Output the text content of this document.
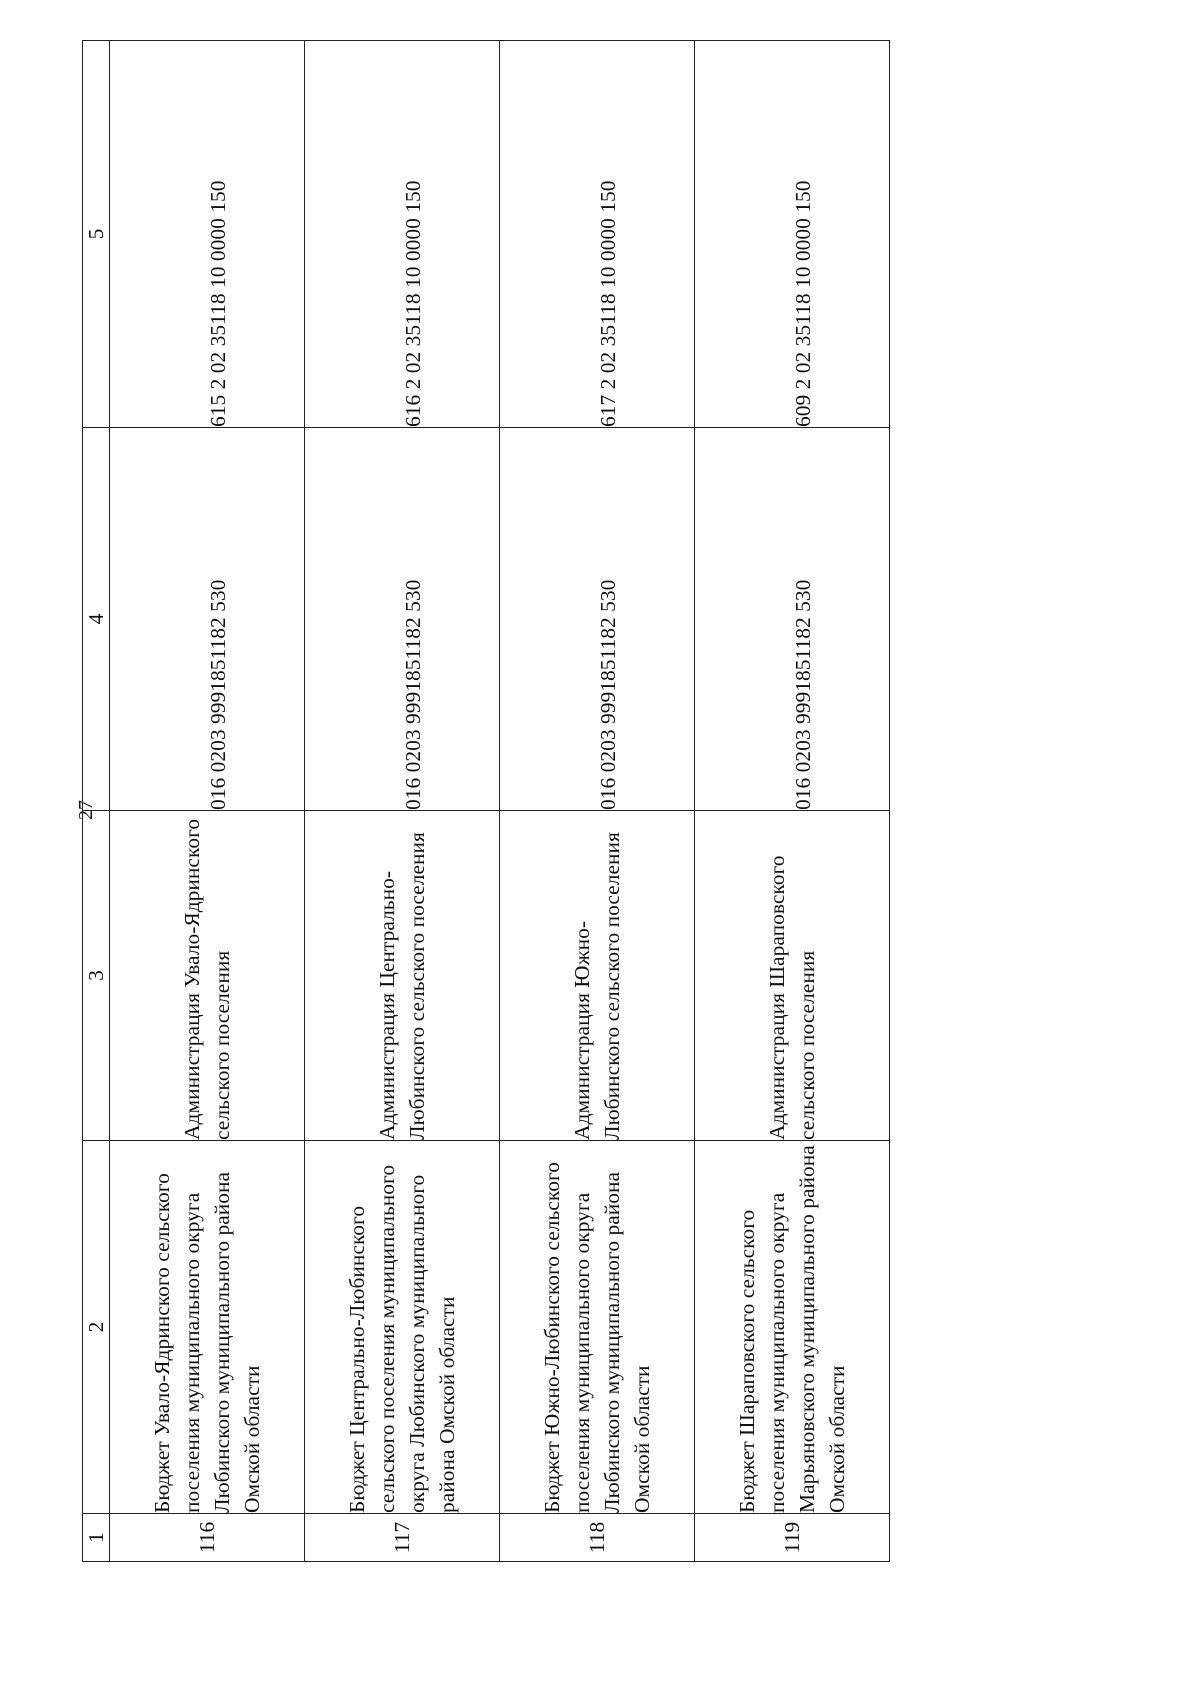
27
1	2	3	4	5
116	Бюджет Увало-Ядринского сельского поселения муниципального округа Любинского муниципального района Омской области	Администрация Увало-Ядринского сельского поселения	016 0203 9991851182 530	615 2 02 35118 10 0000 150

117	Бюджет Центрально-Любинского сельского поселения муниципального округа Любинского муниципального района Омской области	Администрация Центрально-Любинского сельского поселения	016 0203 9991851182 530	616 2 02 35118 10 0000 150

118	Бюджет Южно-Любинского сельского поселения муниципального округа Любинского муниципального района Омской области	Администрация Южно-Любинского сельского поселения	016 0203 9991851182 530	617 2 02 35118 10 0000 150

119	Бюджет Шараповского сельского поселения муниципального округа Марьяновского муниципального района Омской области	Администрация Шараповского сельского поселения	016 0203 9991851182 530	609 2 02 35118 10 0000 150
